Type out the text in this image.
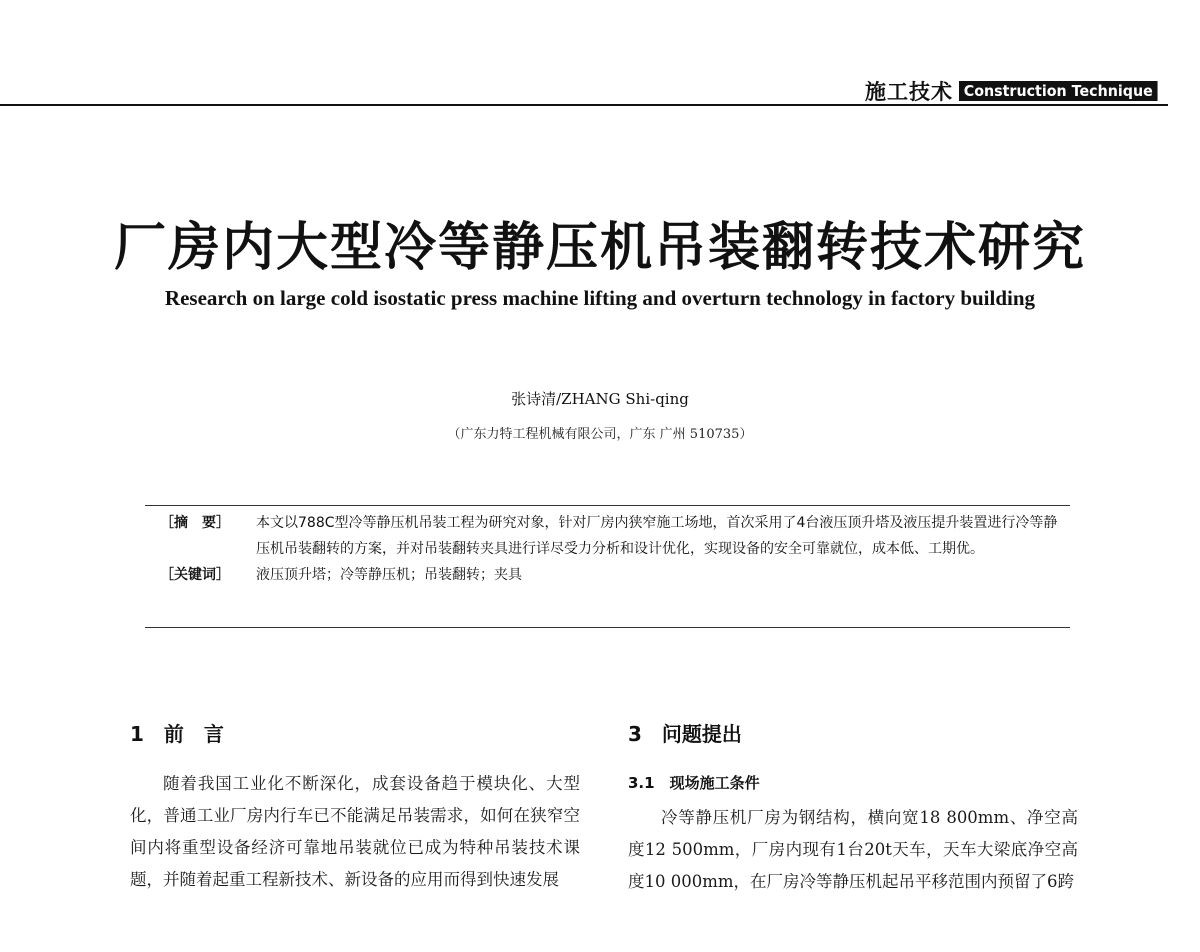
施工技术 Construction Technique
厂房内大型冷等静压机吊装翻转技术研究
Research on large cold isostatic press machine lifting and overturn technology in factory building
张诗清/ZHANG Shi-qing
（广东力特工程机械有限公司，广东 广州 510735）
［摘　要］	本文以788C型冷等静压机吊装工程为研究对象，针对厂房内狭窄施工场地，首次采用了4台液压顶升塔及液压提升装置进行冷等静压机吊装翻转的方案，并对吊装翻转夹具进行详尽受力分析和设计优化，实现设备的安全可靠就位，成本低、工期优。
［关键词］	液压顶升塔；冷等静压机；吊装翻转；夹具
1　前　言

随着我国工业化不断深化，成套设备趋于模块化、大型化，普通工业厂房内行车已不能满足吊装需求，如何在狭窄空间内将重型设备经济可靠地吊装就位已成为特种吊装技术课题，并随着起重工程新技术、新设备的应用而得到快速发展

3　问题提出
3.1　现场施工条件

冷等静压机厂房为钢结构，横向宽18 800mm、净空高度12 500mm，厂房内现有1台20t天车，天车大梁底净空高度10 000mm，在厂房冷等静压机起吊平移范围内预留了6跨
